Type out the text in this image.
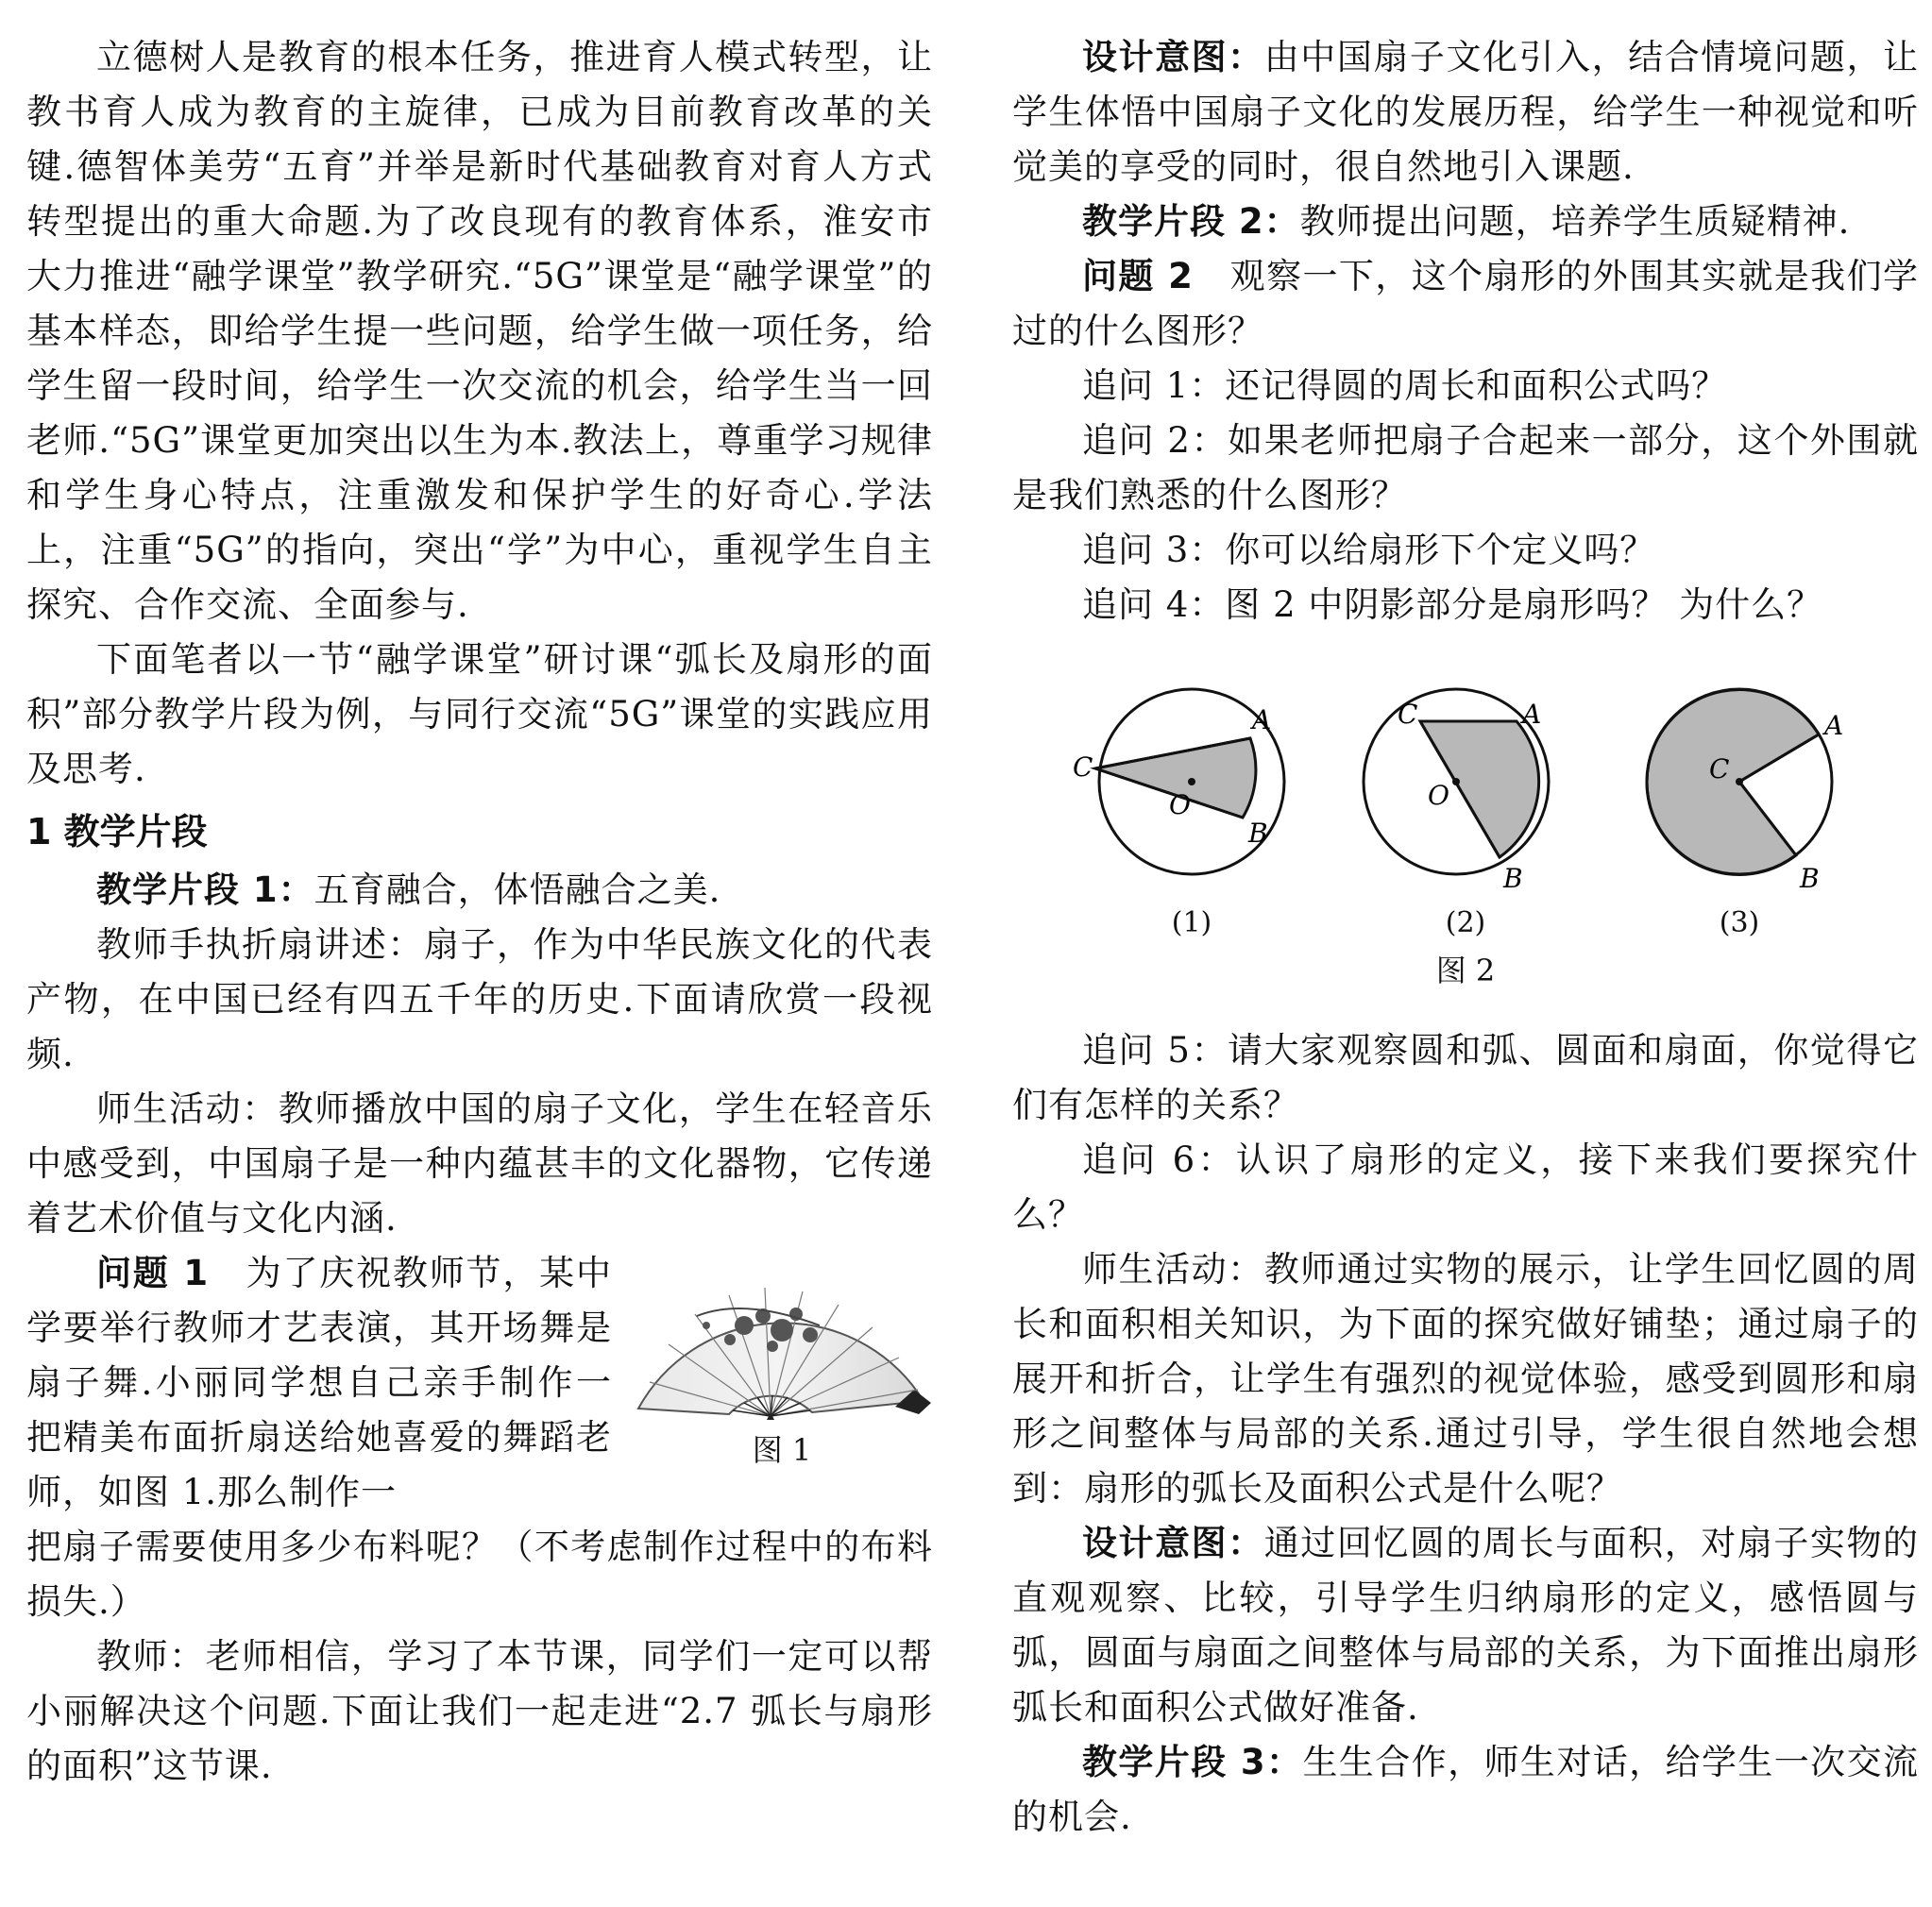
立德树人是教育的根本任务，推进育人模式转型，让教书育人成为教育的主旋律，已成为目前教育改革的关键.德智体美劳“五育”并举是新时代基础教育对育人方式转型提出的重大命题.为了改良现有的教育体系，淮安市大力推进“融学课堂”教学研究.“5G”课堂是“融学课堂”的基本样态，即给学生提一些问题，给学生做一项任务，给学生留一段时间，给学生一次交流的机会，给学生当一回老师.“5G”课堂更加突出以生为本.教法上，尊重学习规律和学生身心特点，注重激发和保护学生的好奇心.学法上，注重“5G”的指向，突出“学”为中心，重视学生自主探究、合作交流、全面参与.

下面笔者以一节“融学课堂”研讨课“弧长及扇形的面积”部分教学片段为例，与同行交流“5G”课堂的实践应用及思考.

1 教学片段

教学片段 1：五育融合，体悟融合之美.

教师手执折扇讲述：扇子，作为中华民族文化的代表产物，在中国已经有四五千年的历史.下面请欣赏一段视频.

师生活动：教师播放中国的扇子文化，学生在轻音乐中感受到，中国扇子是一种内蕴甚丰的文化器物，它传递着艺术价值与文化内涵.

问题 1　为了庆祝教师节，某中学要举行教师才艺表演，其开场舞是扇子舞.小丽同学想自己亲手制作一把精美布面折扇送给她喜爱的舞蹈老师，如图 1.那么制作一

图 1

把扇子需要使用多少布料呢？（不考虑制作过程中的布料损失.）

教师：老师相信，学习了本节课，同学们一定可以帮小丽解决这个问题.下面让我们一起走进“2.7 弧长与扇形的面积”这节课.

设计意图：由中国扇子文化引入，结合情境问题，让学生体悟中国扇子文化的发展历程，给学生一种视觉和听觉美的享受的同时，很自然地引入课题.

教学片段 2：教师提出问题，培养学生质疑精神.

问题 2　观察一下，这个扇形的外围其实就是我们学过的什么图形？

追问 1：还记得圆的周长和面积公式吗？

追问 2：如果老师把扇子合起来一部分，这个外围就是我们熟悉的什么图形？

追问 3：你可以给扇形下个定义吗？

追问 4：图 2 中阴影部分是扇形吗？ 为什么？

A
B
C
O
(1)
A
B
C
O
(2)
A
B
C
(3)
图 2

追问 5：请大家观察圆和弧、圆面和扇面，你觉得它们有怎样的关系？

追问 6：认识了扇形的定义，接下来我们要探究什么？

师生活动：教师通过实物的展示，让学生回忆圆的周长和面积相关知识，为下面的探究做好铺垫；通过扇子的展开和折合，让学生有强烈的视觉体验，感受到圆形和扇形之间整体与局部的关系.通过引导，学生很自然地会想到：扇形的弧长及面积公式是什么呢？

设计意图：通过回忆圆的周长与面积，对扇子实物的直观观察、比较，引导学生归纳扇形的定义，感悟圆与弧，圆面与扇面之间整体与局部的关系，为下面推出扇形弧长和面积公式做好准备.

教学片段 3：生生合作，师生对话，给学生一次交流的机会.
